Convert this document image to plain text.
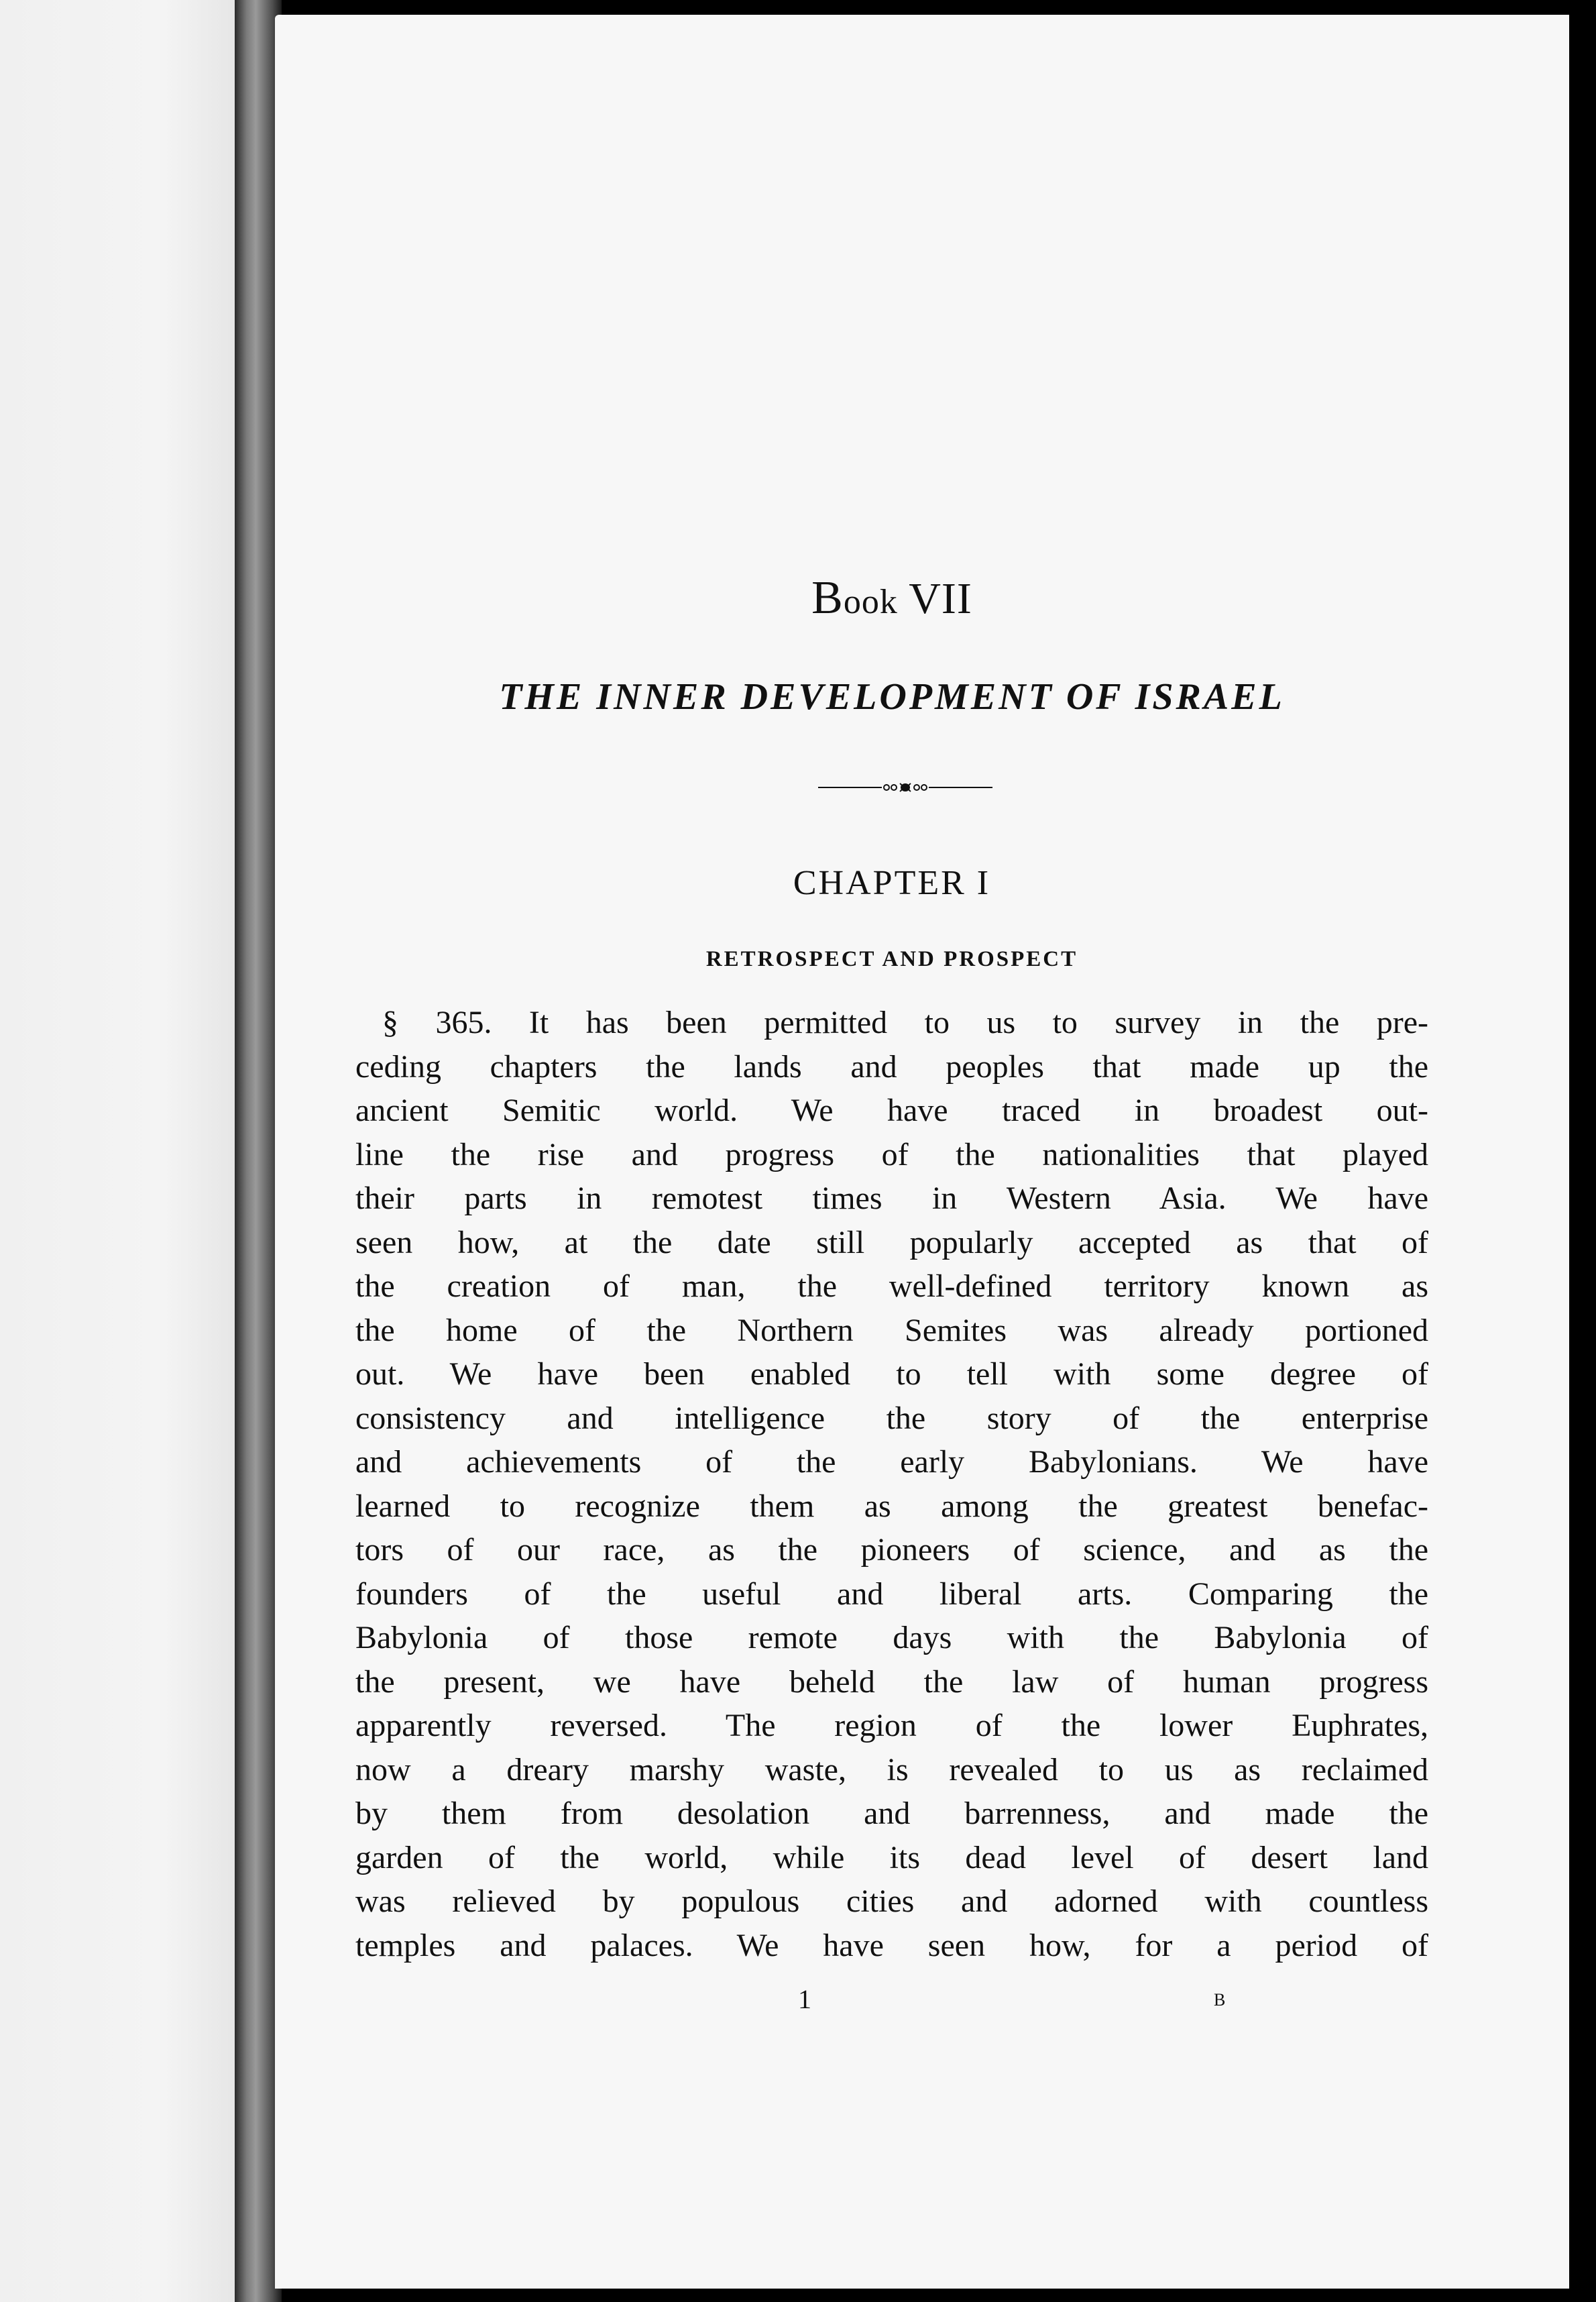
Book VII
THE INNER DEVELOPMENT OF ISRAEL
CHAPTER I
RETROSPECT AND PROSPECT
§ 365. It has been permitted to us to survey in the pre-
ceding chapters the lands and peoples that made up the
ancient Semitic world. We have traced in broadest out-
line the rise and progress of the nationalities that played
their parts in remotest times in Western Asia. We have
seen how, at the date still popularly accepted as that of
the creation of man, the well-defined territory known as
the home of the Northern Semites was already portioned
out. We have been enabled to tell with some degree of
consistency and intelligence the story of the enterprise
and achievements of the early Babylonians. We have
learned to recognize them as among the greatest benefac-
tors of our race, as the pioneers of science, and as the
founders of the useful and liberal arts. Comparing the
Babylonia of those remote days with the Babylonia of
the present, we have beheld the law of human progress
apparently reversed. The region of the lower Euphrates,
now a dreary marshy waste, is revealed to us as reclaimed
by them from desolation and barrenness, and made the
garden of the world, while its dead level of desert land
was relieved by populous cities and adorned with countless
temples and palaces. We have seen how, for a period of
1	B
